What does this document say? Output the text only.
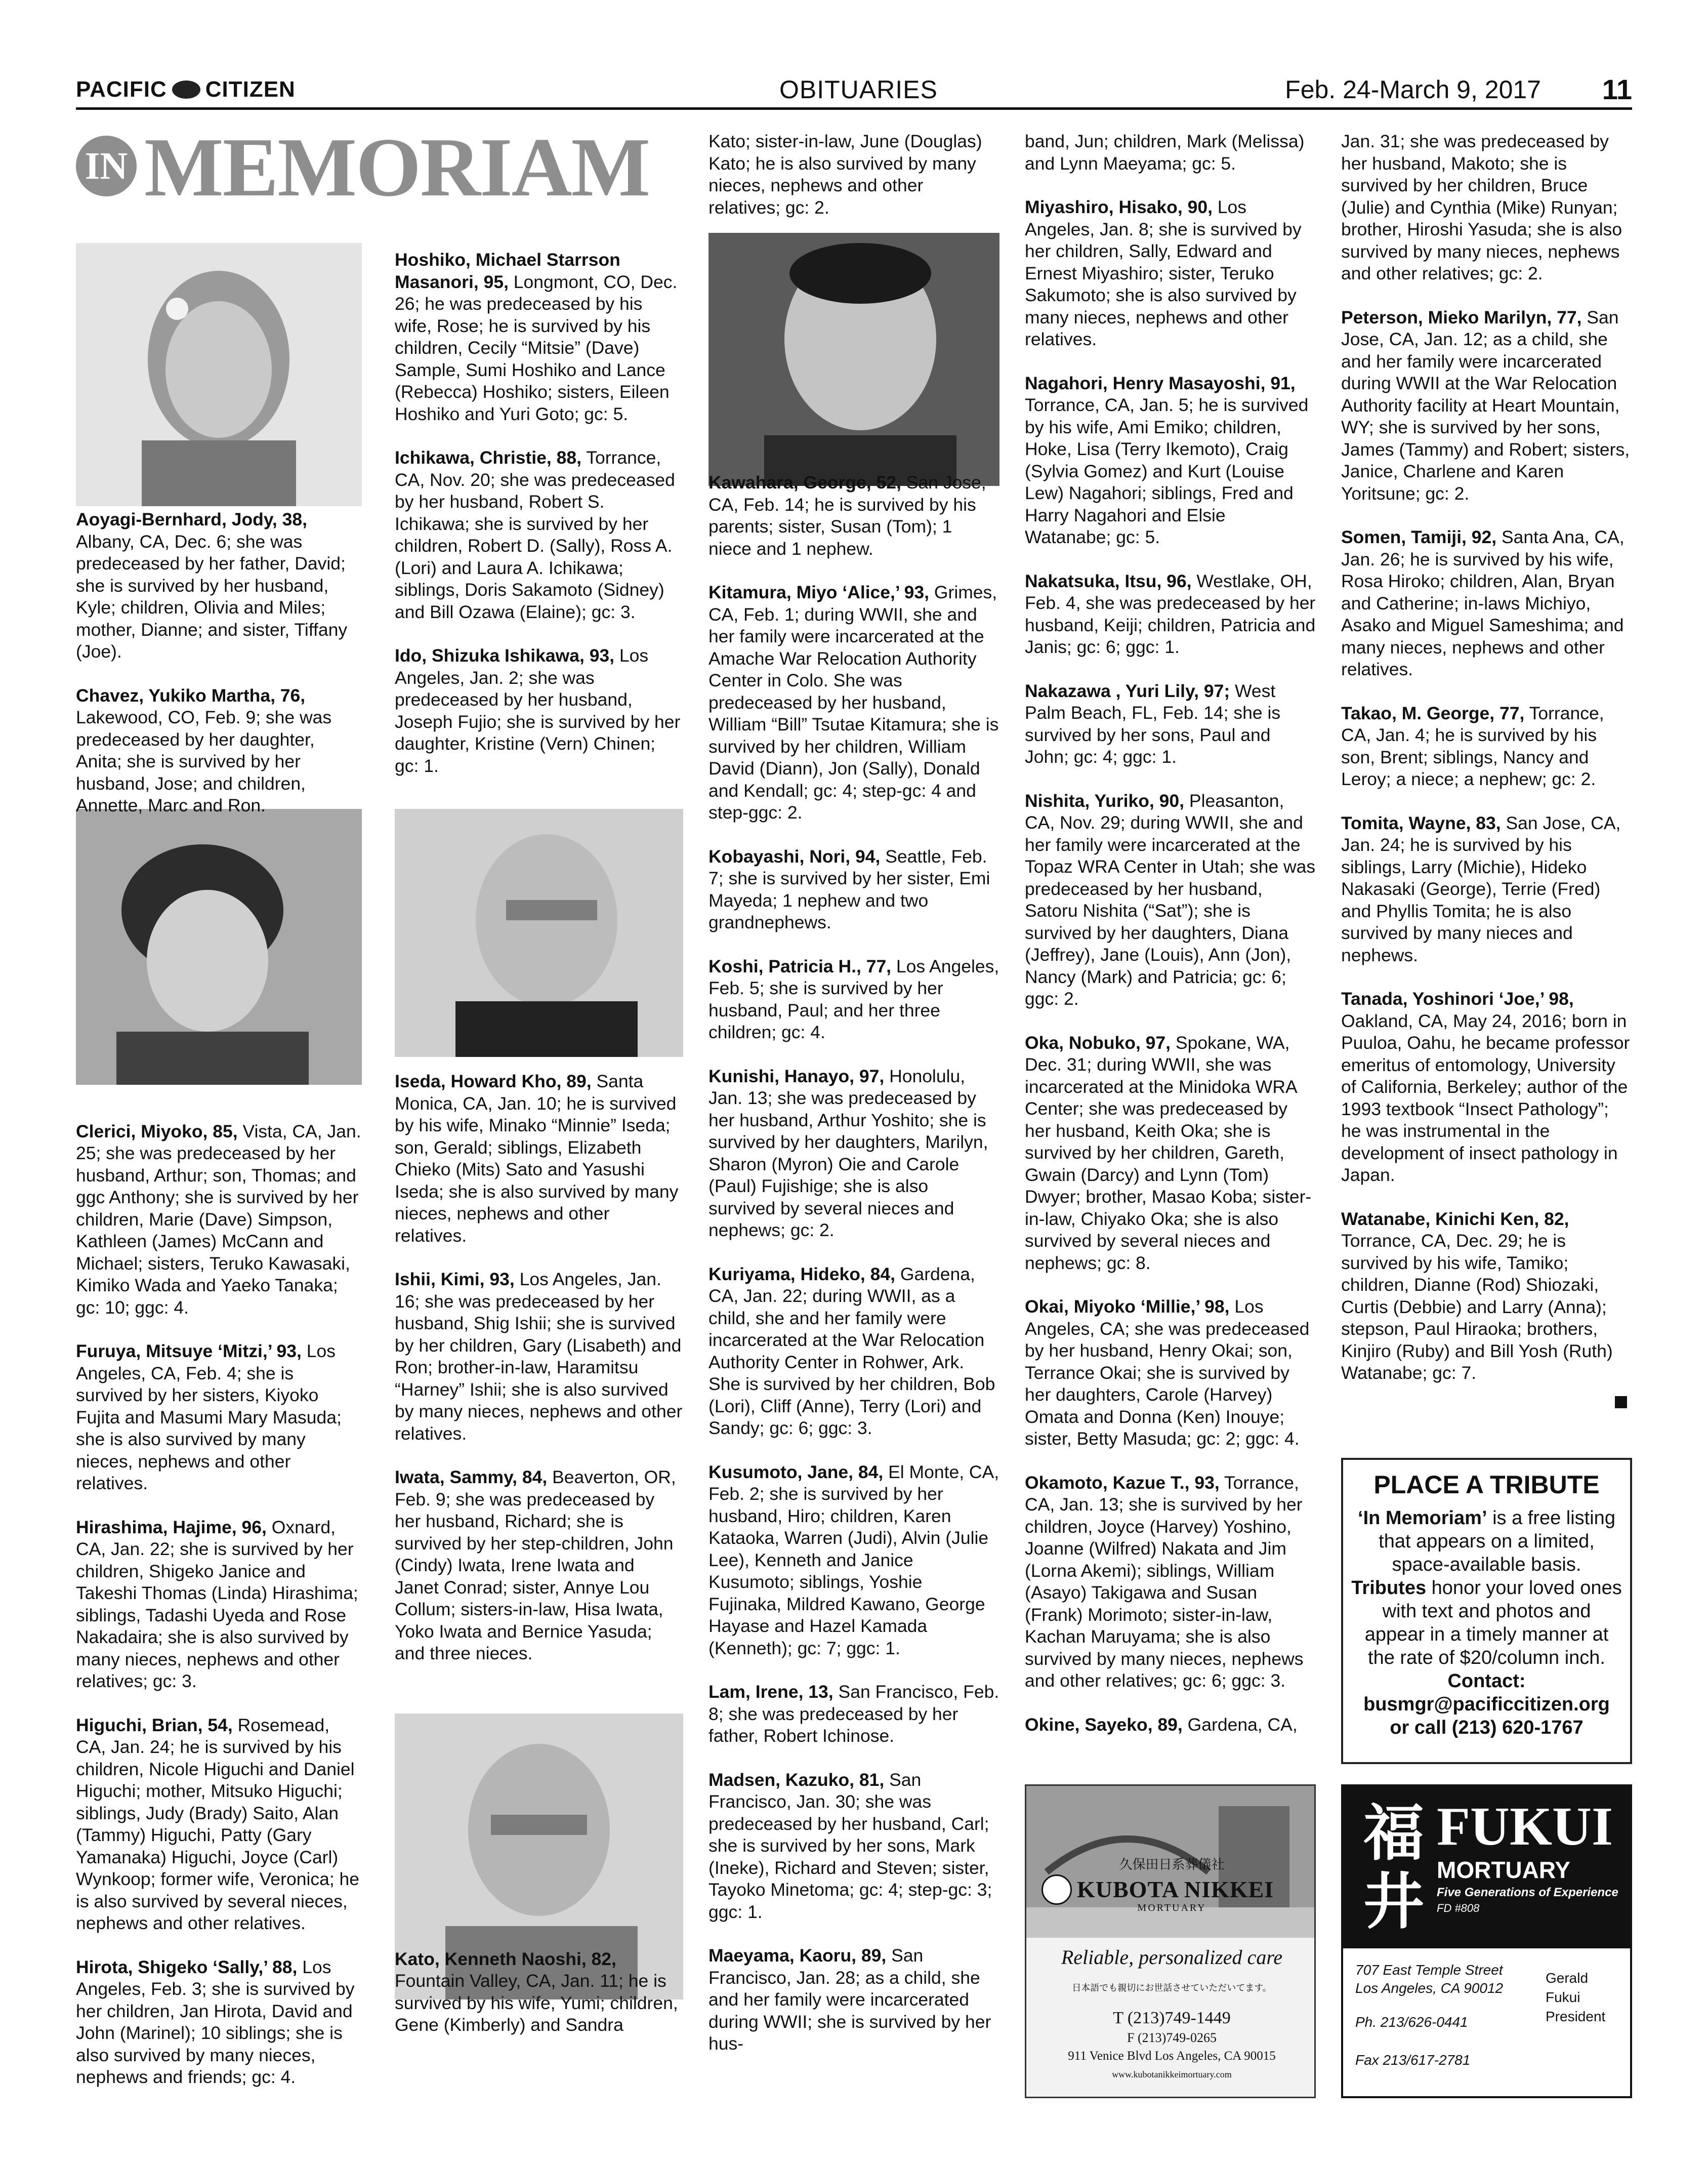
PACIFIC CITIZEN	OBITUARIES	Feb. 24-March 9, 2017 11
IN MEMORIAM

Aoyagi-Bernhard, Jody, 38, Albany, CA, Dec. 6; she was predeceased by her father, David; she is survived by her husband, Kyle; children, Olivia and Miles; mother, Dianne; and sister, Tiffany (Joe).

Chavez, Yukiko Martha, 76, Lakewood, CO, Feb. 9; she was predeceased by her daughter, Anita; she is survived by her husband, Jose; and children, Annette, Marc and Ron.

Clerici, Miyoko, 85, Vista, CA, Jan. 25; she was predeceased by her husband, Arthur; son, Thomas; and ggc Anthony; she is survived by her children, Marie (Dave) Simpson, Kathleen (James) McCann and Michael; sisters, Teruko Kawasaki, Kimiko Wada and Yaeko Tanaka; gc: 10; ggc: 4.

Furuya, Mitsuye ‘Mitzi,’ 93, Los Angeles, CA, Feb. 4; she is survived by her sisters, Kiyoko Fujita and Masumi Mary Masuda; she is also survived by many nieces, nephews and other relatives.

Hirashima, Hajime, 96, Oxnard, CA, Jan. 22; she is survived by her children, Shigeko Janice and Takeshi Thomas (Linda) Hirashima; siblings, Tadashi Uyeda and Rose Nakadaira; she is also survived by many nieces, nephews and other relatives; gc: 3.

Higuchi, Brian, 54, Rosemead, CA, Jan. 24; he is survived by his children, Nicole Higuchi and Daniel Higuchi; mother, Mitsuko Higuchi; siblings, Judy (Brady) Saito, Alan (Tammy) Higuchi, Patty (Gary Yamanaka) Higuchi, Joyce (Carl) Wynkoop; former wife, Veronica; he is also survived by several nieces, nephews and other relatives.

Hirota, Shigeko ‘Sally,’ 88, Los Angeles, Feb. 3; she is survived by her children, Jan Hirota, David and John (Marinel); 10 siblings; she is also survived by many nieces, nephews and friends; gc: 4.

Hoshiko, Michael Starrson Masanori, 95, Longmont, CO, Dec. 26; he was predeceased by his wife, Rose; he is survived by his children, Cecily “Mitsie” (Dave) Sample, Sumi Hoshiko and Lance (Rebecca) Hoshiko; sisters, Eileen Hoshiko and Yuri Goto; gc: 5.

Ichikawa, Christie, 88, Torrance, CA, Nov. 20; she was predeceased by her husband, Robert S. Ichikawa; she is survived by her children, Robert D. (Sally), Ross A. (Lori) and Laura A. Ichikawa; siblings, Doris Sakamoto (Sidney) and Bill Ozawa (Elaine); gc: 3.

Ido, Shizuka Ishikawa, 93, Los Angeles, Jan. 2; she was predeceased by her husband, Joseph Fujio; she is survived by her daughter, Kristine (Vern) Chinen; gc: 1.

Iseda, Howard Kho, 89, Santa Monica, CA, Jan. 10; he is survived by his wife, Minako “Minnie” Iseda; son, Gerald; siblings, Elizabeth Chieko (Mits) Sato and Yasushi Iseda; she is also survived by many nieces, nephews and other relatives.

Ishii, Kimi, 93, Los Angeles, Jan. 16; she was predeceased by her husband, Shig Ishii; she is survived by her children, Gary (Lisabeth) and Ron; brother-in-law, Haramitsu “Harney” Ishii; she is also survived by many nieces, nephews and other relatives.

Iwata, Sammy, 84, Beaverton, OR, Feb. 9; she was predeceased by her husband, Richard; she is survived by her step-children, John (Cindy) Iwata, Irene Iwata and Janet Conrad; sister, Annye Lou Collum; sisters-in-law, Hisa Iwata, Yoko Iwata and Bernice Yasuda; and three nieces.

Kato, Kenneth Naoshi, 82, Fountain Valley, CA, Jan. 11; he is survived by his wife, Yumi; children, Gene (Kimberly) and Sandra

Kato; sister-in-law, June (Douglas) Kato; he is also survived by many nieces, nephews and other relatives; gc: 2.

Kawahara, George, 52, San Jose, CA, Feb. 14; he is survived by his parents; sister, Susan (Tom); 1 niece and 1 nephew.

Kitamura, Miyo ‘Alice,’ 93, Grimes, CA, Feb. 1; during WWII, she and her family were incarcerated at the Amache War Relocation Authority Center in Colo. She was predeceased by her husband, William “Bill” Tsutae Kitamura; she is survived by her children, William David (Diann), Jon (Sally), Donald and Kendall; gc: 4; step-gc: 4 and step-ggc: 2.

Kobayashi, Nori, 94, Seattle, Feb. 7; she is survived by her sister, Emi Mayeda; 1 nephew and two grandnephews.

Koshi, Patricia H., 77, Los Angeles, Feb. 5; she is survived by her husband, Paul; and her three children; gc: 4.

Kunishi, Hanayo, 97, Honolulu, Jan. 13; she was predeceased by her husband, Arthur Yoshito; she is survived by her daughters, Marilyn, Sharon (Myron) Oie and Carole (Paul) Fujishige; she is also survived by several nieces and nephews; gc: 2.

Kuriyama, Hideko, 84, Gardena, CA, Jan. 22; during WWII, as a child, she and her family were incarcerated at the War Relocation Authority Center in Rohwer, Ark. She is survived by her children, Bob (Lori), Cliff (Anne), Terry (Lori) and Sandy; gc: 6; ggc: 3.

Kusumoto, Jane, 84, El Monte, CA, Feb. 2; she is survived by her husband, Hiro; children, Karen Kataoka, Warren (Judi), Alvin (Julie Lee), Kenneth and Janice Kusumoto; siblings, Yoshie Fujinaka, Mildred Kawano, George Hayase and Hazel Kamada (Kenneth); gc: 7; ggc: 1.

Lam, Irene, 13, San Francisco, Feb. 8; she was predeceased by her father, Robert Ichinose.

Madsen, Kazuko, 81, San Francisco, Jan. 30; she was predeceased by her husband, Carl; she is survived by her sons, Mark (Ineke), Richard and Steven; sister, Tayoko Minetoma; gc: 4; step-gc: 3; ggc: 1.

Maeyama, Kaoru, 89, San Francisco, Jan. 28; as a child, she and her family were incarcerated during WWII; she is survived by her hus-

band, Jun; children, Mark (Melissa) and Lynn Maeyama; gc: 5.

Miyashiro, Hisako, 90, Los Angeles, Jan. 8; she is survived by her children, Sally, Edward and Ernest Miyashiro; sister, Teruko Sakumoto; she is also survived by many nieces, nephews and other relatives.

Nagahori, Henry Masayoshi, 91, Torrance, CA, Jan. 5; he is survived by his wife, Ami Emiko; children, Hoke, Lisa (Terry Ikemoto), Craig (Sylvia Gomez) and Kurt (Louise Lew) Nagahori; siblings, Fred and Harry Nagahori and Elsie Watanabe; gc: 5.

Nakatsuka, Itsu, 96, Westlake, OH, Feb. 4, she was predeceased by her husband, Keiji; children, Patricia and Janis; gc: 6; ggc: 1.

Nakazawa , Yuri Lily, 97; West Palm Beach, FL, Feb. 14; she is survived by her sons, Paul and John; gc: 4; ggc: 1.

Nishita, Yuriko, 90, Pleasanton, CA, Nov. 29; during WWII, she and her family were incarcerated at the Topaz WRA Center in Utah; she was predeceased by her husband, Satoru Nishita (“Sat”); she is survived by her daughters, Diana (Jeffrey), Jane (Louis), Ann (Jon), Nancy (Mark) and Patricia; gc: 6; ggc: 2.

Oka, Nobuko, 97, Spokane, WA, Dec. 31; during WWII, she was incarcerated at the Minidoka WRA Center; she was predeceased by her husband, Keith Oka; she is survived by her children, Gareth, Gwain (Darcy) and Lynn (Tom) Dwyer; brother, Masao Koba; sister-in-law, Chiyako Oka; she is also survived by several nieces and nephews; gc: 8.

Okai, Miyoko ‘Millie,’ 98, Los Angeles, CA; she was predeceased by her husband, Henry Okai; son, Terrance Okai; she is survived by her daughters, Carole (Harvey) Omata and Donna (Ken) Inouye; sister, Betty Masuda; gc: 2; ggc: 4.

Okamoto, Kazue T., 93, Torrance, CA, Jan. 13; she is survived by her children, Joyce (Harvey) Yoshino, Joanne (Wilfred) Nakata and Jim (Lorna Akemi); siblings, William (Asayo) Takigawa and Susan (Frank) Morimoto; sister-in-law, Kachan Maruyama; she is also survived by many nieces, nephews and other relatives; gc: 6; ggc: 3.

Okine, Sayeko, 89, Gardena, CA,

Jan. 31; she was predeceased by her husband, Makoto; she is survived by her children, Bruce (Julie) and Cynthia (Mike) Runyan; brother, Hiroshi Yasuda; she is also survived by many nieces, nephews and other relatives; gc: 2.

Peterson, Mieko Marilyn, 77, San Jose, CA, Jan. 12; as a child, she and her family were incarcerated during WWII at the War Relocation Authority facility at Heart Mountain, WY; she is survived by her sons, James (Tammy) and Robert; sisters, Janice, Charlene and Karen Yoritsune; gc: 2.

Somen, Tamiji, 92, Santa Ana, CA, Jan. 26; he is survived by his wife, Rosa Hiroko; children, Alan, Bryan and Catherine; in-laws Michiyo, Asako and Miguel Sameshima; and many nieces, nephews and other relatives.

Takao, M. George, 77, Torrance, CA, Jan. 4; he is survived by his son, Brent; siblings, Nancy and Leroy; a niece; a nephew; gc: 2.

Tomita, Wayne, 83, San Jose, CA, Jan. 24; he is survived by his siblings, Larry (Michie), Hideko Nakasaki (George), Terrie (Fred) and Phyllis Tomita; he is also survived by many nieces and nephews.

Tanada, Yoshinori ‘Joe,’ 98, Oakland, CA, May 24, 2016; born in Puuloa, Oahu, he became professor emeritus of entomology, University of California, Berkeley; author of the 1993 textbook “Insect Pathology”; he was instrumental in the development of insect pathology in Japan.

Watanabe, Kinichi Ken, 82, Torrance, CA, Dec. 29; he is survived by his wife, Tamiko; children, Dianne (Rod) Shiozaki, Curtis (Debbie) and Larry (Anna); stepson, Paul Hiraoka; brothers, Kinjiro (Ruby) and Bill Yosh (Ruth) Watanabe; gc: 7.

PLACE A TRIBUTE
‘In Memoriam’ is a free listing that appears on a limited, space-available basis.
Tributes honor your loved ones with text and photos and appear in a timely manner at the rate of $20/column inch.
Contact:
busmgr@pacificcitizen.org
or call (213) 620-1767
久保田日系葬儀社
KUBOTA NIKKEI
MORTUARY
Reliable, personalized care
日本語でも親切にお世話させていただいてます。
T (213)749-1449
F (213)749-0265
911 Venice Blvd Los Angeles, CA 90015
www.kubotanikkeimortuary.com
福
井
FUKUI
MORTUARY
Five Generations of Experience
FD #808
707 East Temple Street
Los Angeles, CA 90012
Ph. 213/626-0441
Fax 213/617-2781
Gerald
Fukui
President
